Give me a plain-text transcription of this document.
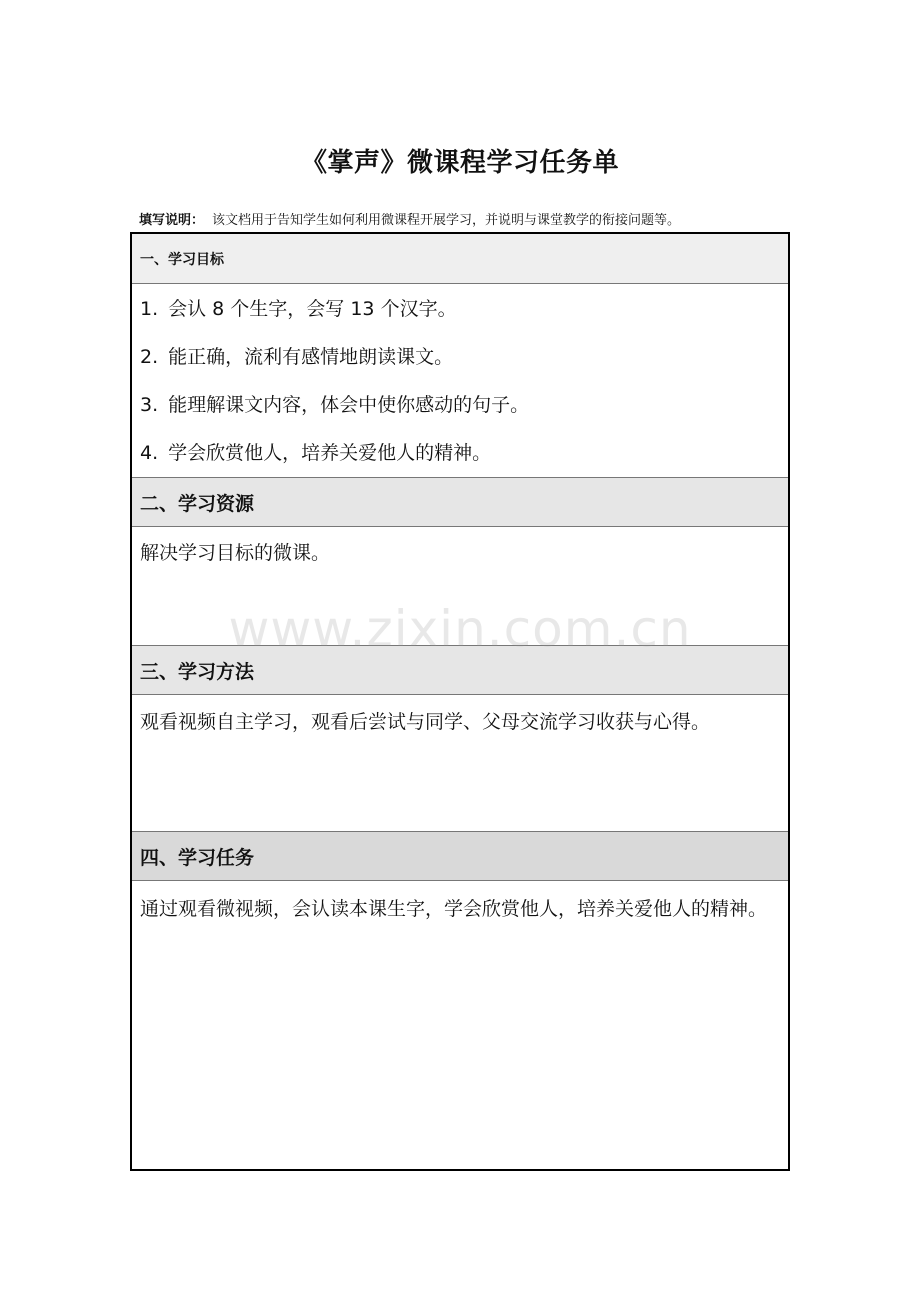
《掌声》微课程学习任务单
填写说明： 该文档用于告知学生如何利用微课程开展学习，并说明与课堂教学的衔接问题等。
一、学习目标
1. 会认 8 个生字，会写 13 个汉字。
2. 能正确，流利有感情地朗读课文。
3. 能理解课文内容，体会中使你感动的句子。
4. 学会欣赏他人，培养关爱他人的精神。
二、学习资源
解决学习目标的微课。
三、学习方法
观看视频自主学习，观看后尝试与同学、父母交流学习收获与心得。
四、学习任务
通过观看微视频，会认读本课生字，学会欣赏他人，培养关爱他人的精神。
www.zixin.com.cn
